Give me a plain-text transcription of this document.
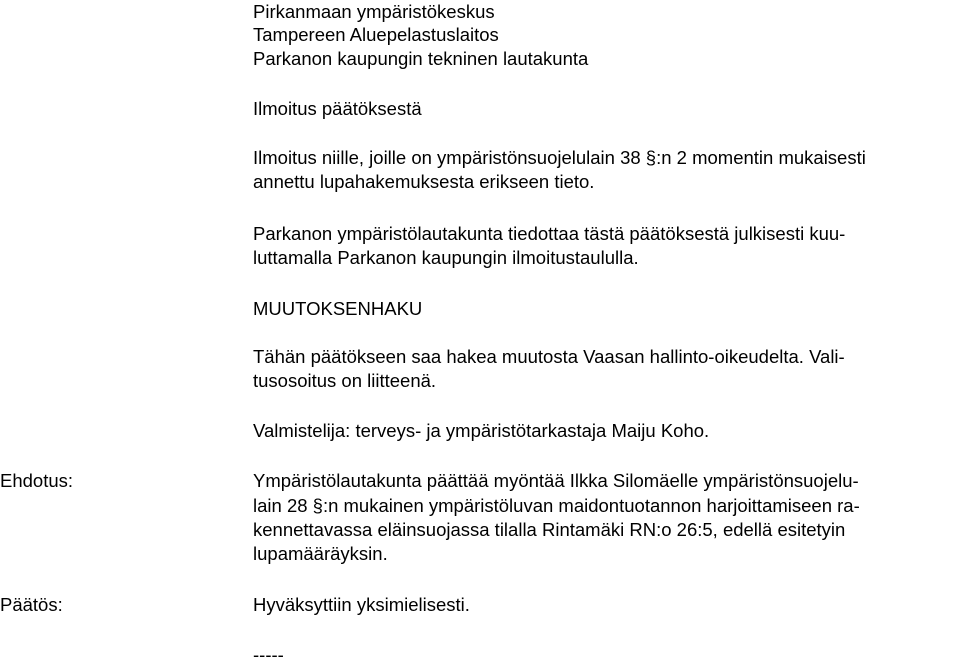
Pirkanmaan ympäristökeskus
Tampereen Aluepelastuslaitos
Parkanon kaupungin tekninen lautakunta
Ilmoitus päätöksestä
Ilmoitus niille, joille on ympäristönsuojelulain 38 §:n 2 momentin mukaisesti
annettu lupahakemuksesta erikseen tieto.
Parkanon ympäristölautakunta tiedottaa tästä päätöksestä julkisesti kuu-
luttamalla Parkanon kaupungin ilmoitustaululla.
MUUTOKSENHAKU
Tähän päätökseen saa hakea muutosta Vaasan hallinto-oikeudelta. Vali-
tusosoitus on liitteenä.
Valmistelija: terveys- ja ympäristötarkastaja Maiju Koho.
Ehdotus:	Ympäristölautakunta päättää myöntää Ilkka Silomäelle ympäristönsuojelu-
lain 28 §:n mukainen ympäristöluvan maidontuotannon harjoittamiseen ra-
kennettavassa eläinsuojassa tilalla Rintamäki RN:o 26:5, edellä esitetyin
lupamääräyksin.
Päätös:	Hyväksyttiin yksimielisesti.
-----
